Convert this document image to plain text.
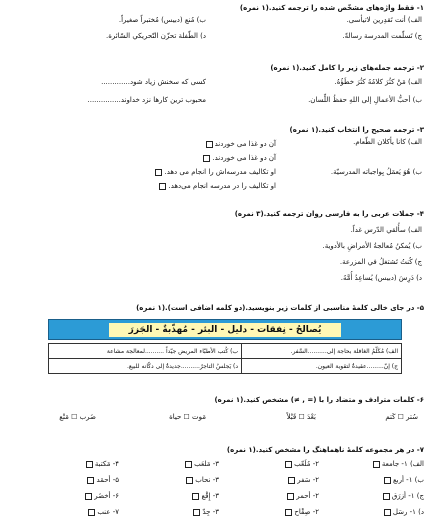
١- فقط واژه‌های مشخّص شده را ترجمه کنید.(١ نمره)
الف) أنت تَقدِرین لاتیأسی.
ب) مُنع (دبیس) مُختبراً صغیراً.
ج) تَسلّمت المدرسة رسالةً.
د) الطّفلة تحزّن التّحريكي السّائرة.
٢- ترجمه جمله‌های زیر را کامل کنید.(١ نمره)
الف) مَنْ كثُرَ كلامُهُ كثُرَ خطَؤُهُ.
کسی که سخنش زیاد شود.............
ب) أحبُّ الأعمالِ إلى اللهِ حفظُ اللِّسان.
محبوب ترین کارها نزد خداوند...............
٣- ترجمه صحیح را انتخاب کنید.(١ نمره)
الف) كانا يأكلان الطّعام.
آن دو غذا می خوردند
آن دو غذا می خوردند.
ب) هُوَ يَعمَلُ بِواجباته المدرسيّة.
او تکالیف مدرسه‌اش را انجام می دهد.
او تکالیف را در مدرسه انجام می‌دهد.
۴- جملات عربی را به فارسی روان ترجمه کنید.(٣ نمره)
الف) سأُلقي الدّرس غداً.
ب) يُمكنُ مُعالجةُ الأمراضِ بالأدوية.
ج) كُنتُ تَشتغلُ في المزرعة.
د) دَرِسَ (دبیس) يُساعِدُ أُمَّهُ.
۵- در جای خالی کلمهٔ مناسبی از کلمات زیر بنویسید.(دو کلمه اضافی است).(١ نمره)
يُصالحُ - نِفقات - دليل - البئر - مُهذّبةٌ - الجَزرَ
الف) مُكَلّمُ الغافلة بحاجة إلى..........السَّفر.	ب) كُتب الأطبّاء المريض جيّداً ..........لمعالجة مشاعة
ج) إنّ.........عقيدةٌ لتقوية العيون.	د) يَجلسُ التاجرُ..........جديدةٌ إلى دكّانه للبيع.
۶- کلمات مترادف و متضاد را با (= , ≠) مشخص کنید.(١ نمره)
سُتر ☐ كَتم
بَعْدَ ☐ قَبْلاً
مَوت ☐ حياة
ضَرب ☐ مَنْع
٧- در هر مجموعه کلمهٔ ناهماهنگ را مشخص کنید.(١ نمره)
الف) ١- جامعة
٢- مُلَعّب
٣- مَلعَب
۴- مَكتبة
ب) ١- أربع
٢- سَفر
٣- نحاب
۵- أحمَد
ج) ١- أزرَق
٢- أحمر
٣- إِقْع
۶- أخضَر
د) ١- رسَل
٢- صِقْاح
٣- جِدّ
٧- عنب
